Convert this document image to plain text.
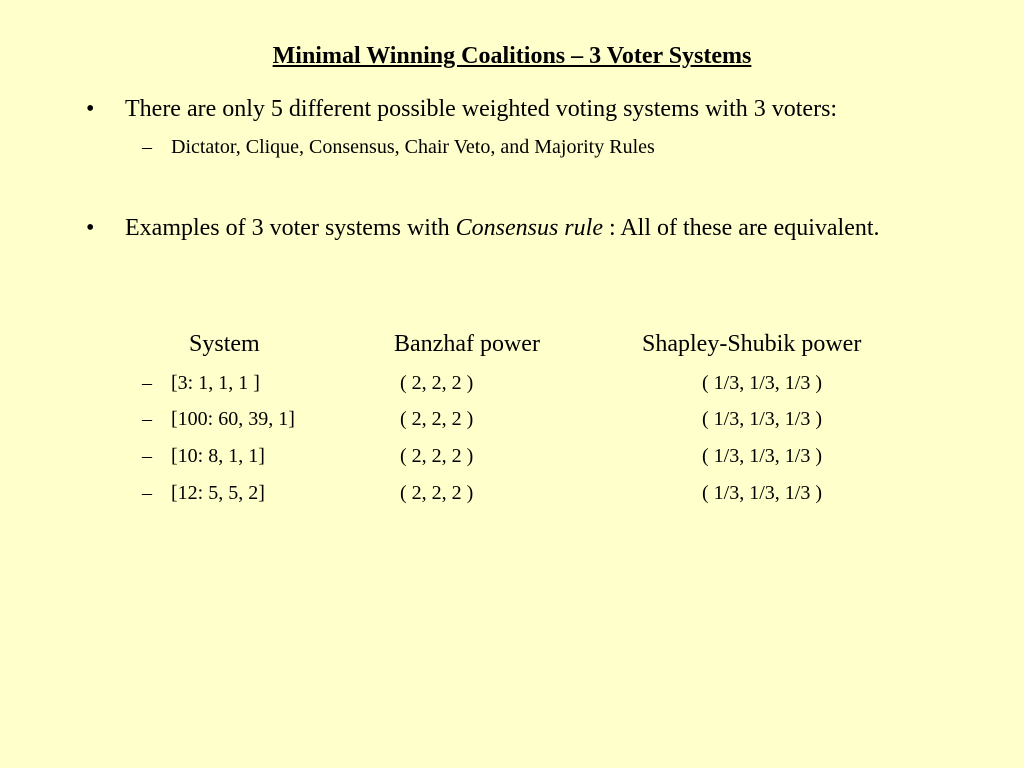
Minimal Winning Coalitions – 3 Voter Systems
• There are only 5 different possible weighted voting systems with 3 voters:
– Dictator, Clique, Consensus, Chair Veto, and Majority Rules
• Examples of 3 voter systems with Consensus rule : All of these are equivalent.
System	Banzhaf power	Shapley-Shubik power
– [3: 1, 1, 1 ]	( 2, 2, 2 )	( 1/3, 1/3, 1/3 )
– [100: 60, 39, 1]	( 2, 2, 2 )	( 1/3, 1/3, 1/3 )
– [10: 8, 1, 1]	( 2, 2, 2 )	( 1/3, 1/3, 1/3 )
– [12: 5, 5, 2]	( 2, 2, 2 )	( 1/3, 1/3, 1/3 )
